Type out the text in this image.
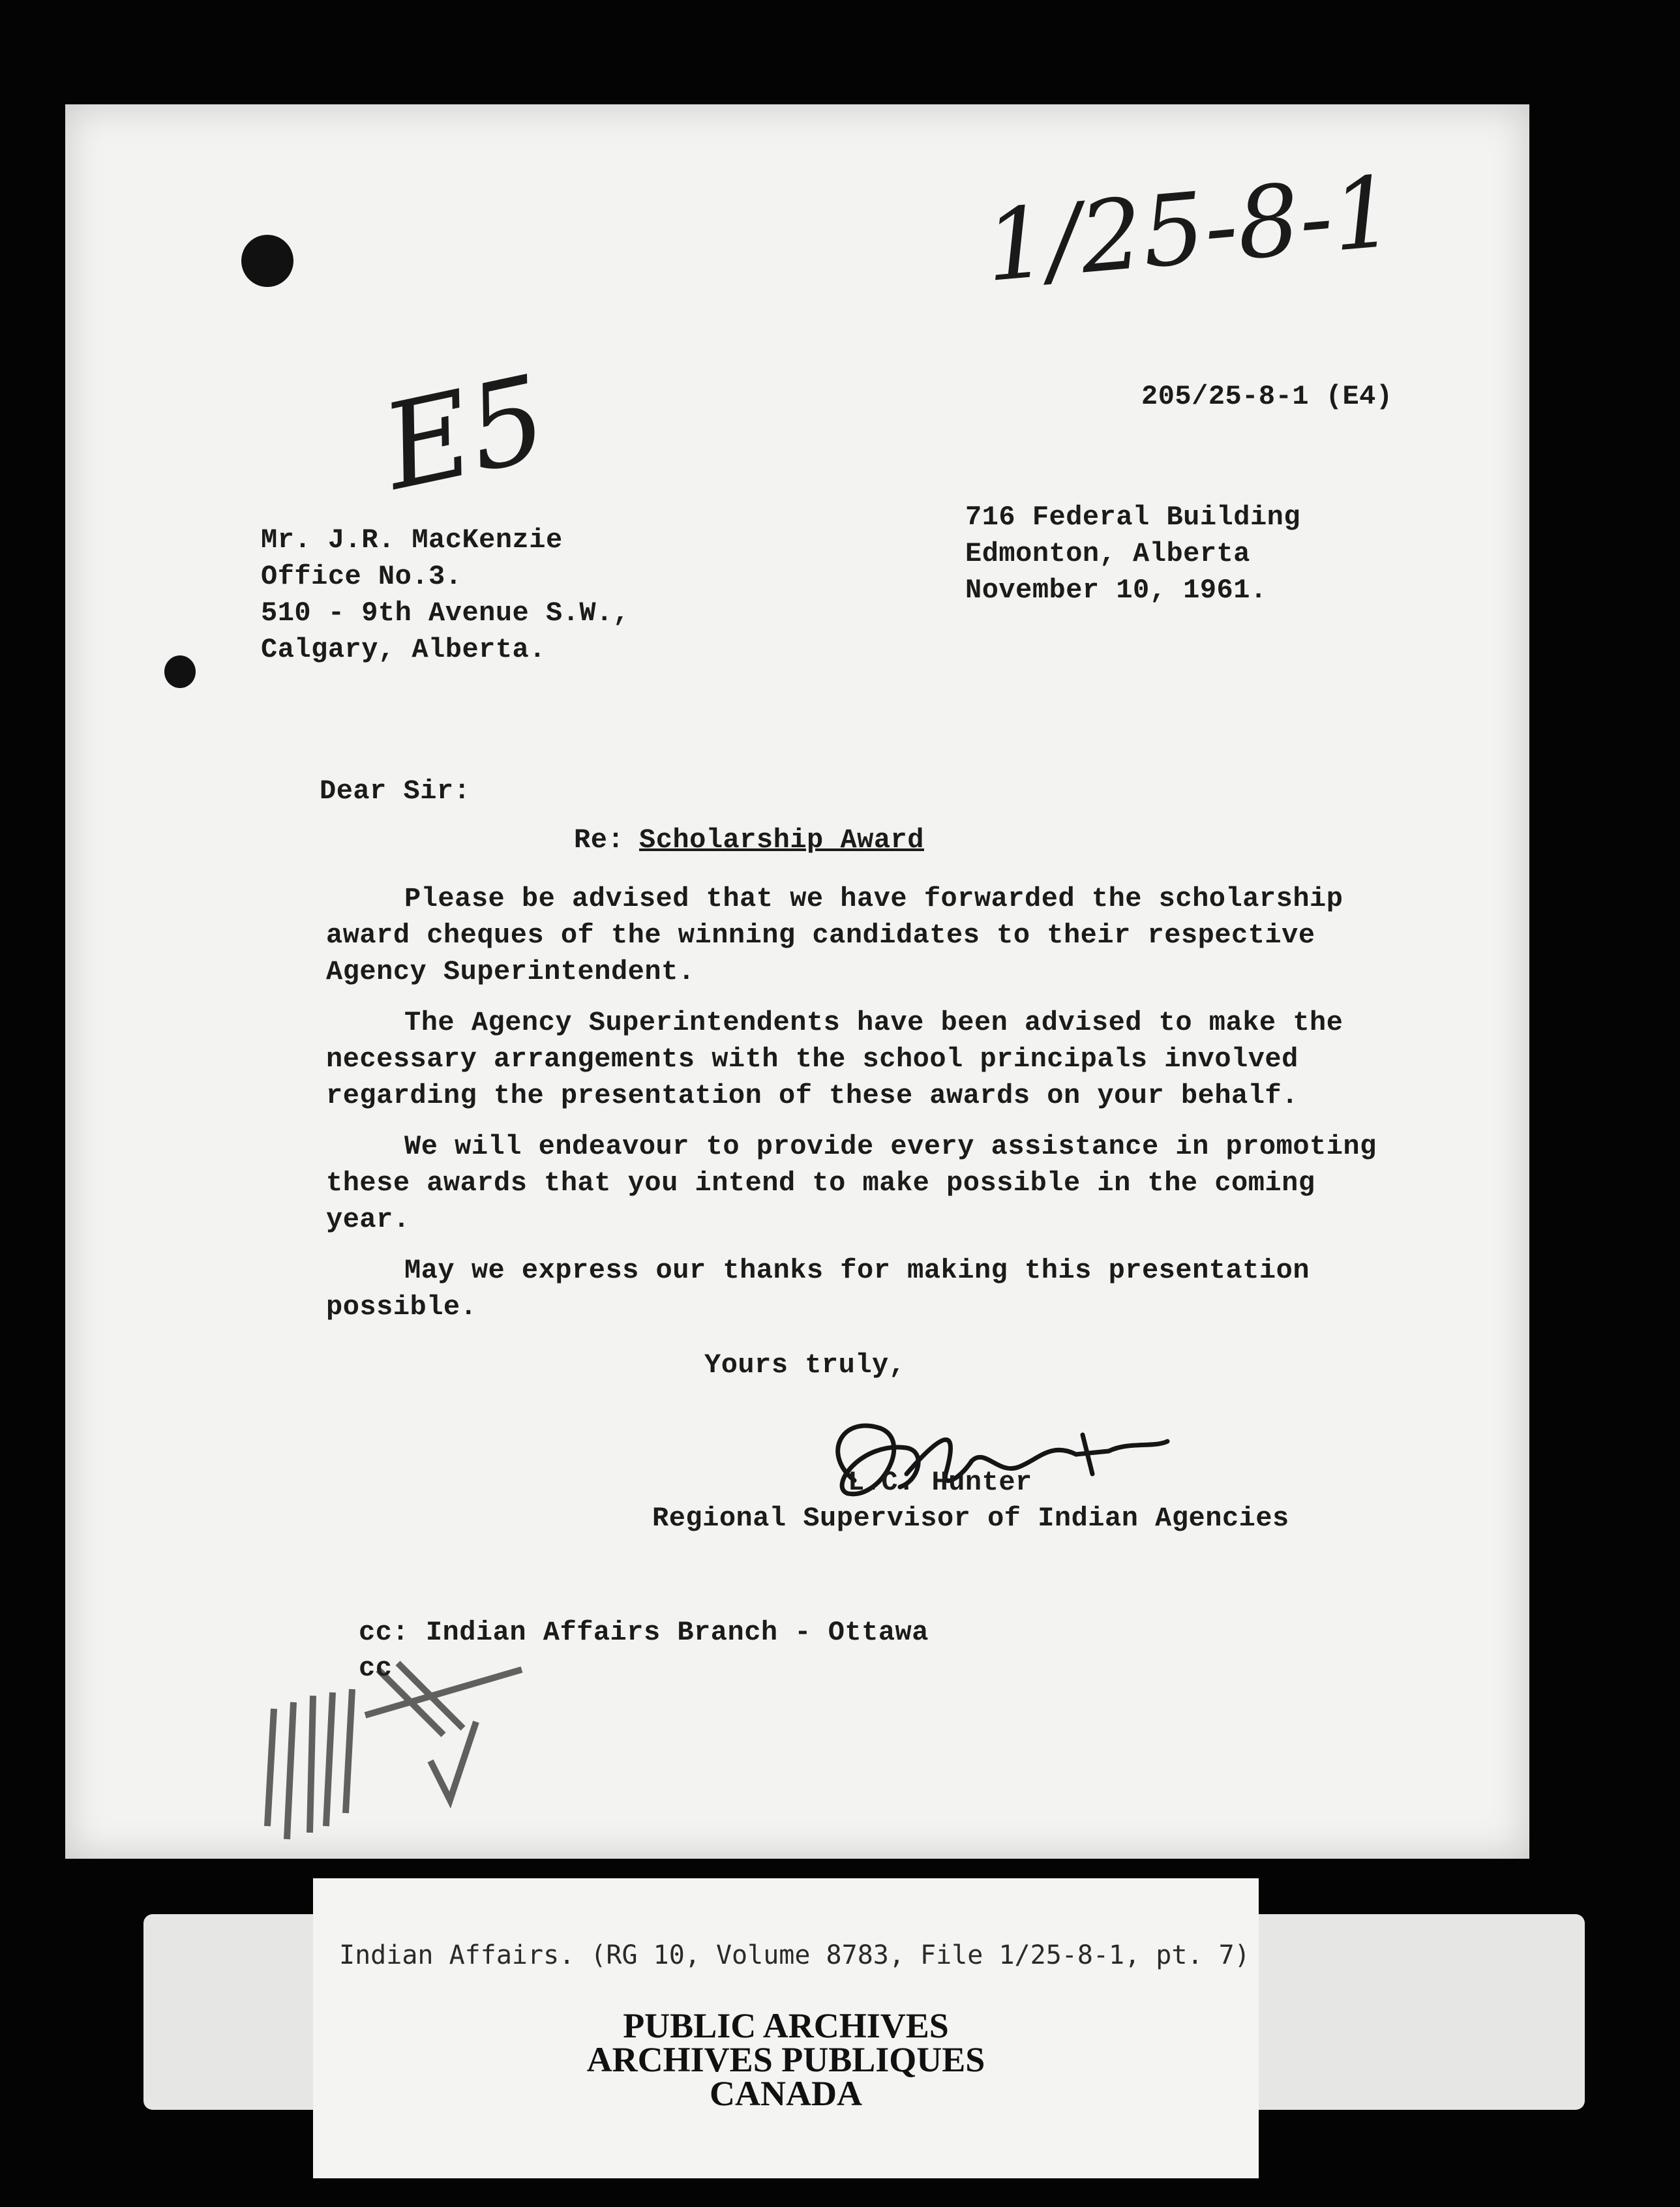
1/25-8-1
E5	205/25-8-1 (E4)
Mr. J.R. MacKenzie
Office No.3.
510 - 9th Avenue S.W.,
Calgary, Alberta.
716 Federal Building
Edmonton, Alberta
November 10, 1961.
Dear Sir:
Re: Scholarship Award
Please be advised that we have forwarded the scholarship
award cheques of the winning candidates to their respective
Agency Superintendent.
The Agency Superintendents have been advised to make the
necessary arrangements with the school principals involved
regarding the presentation of these awards on your behalf.
We will endeavour to provide every assistance in promoting
these awards that you intend to make possible in the coming
year.
May we express our thanks for making this presentation
possible.
Yours truly,
L.C. Hunter
Regional Supervisor of Indian Agencies
cc: Indian Affairs Branch - Ottawa
cc
Indian Affairs. (RG 10, Volume 8783, File 1/25-8-1, pt. 7)
PUBLIC ARCHIVES
ARCHIVES PUBLIQUES
CANADA
